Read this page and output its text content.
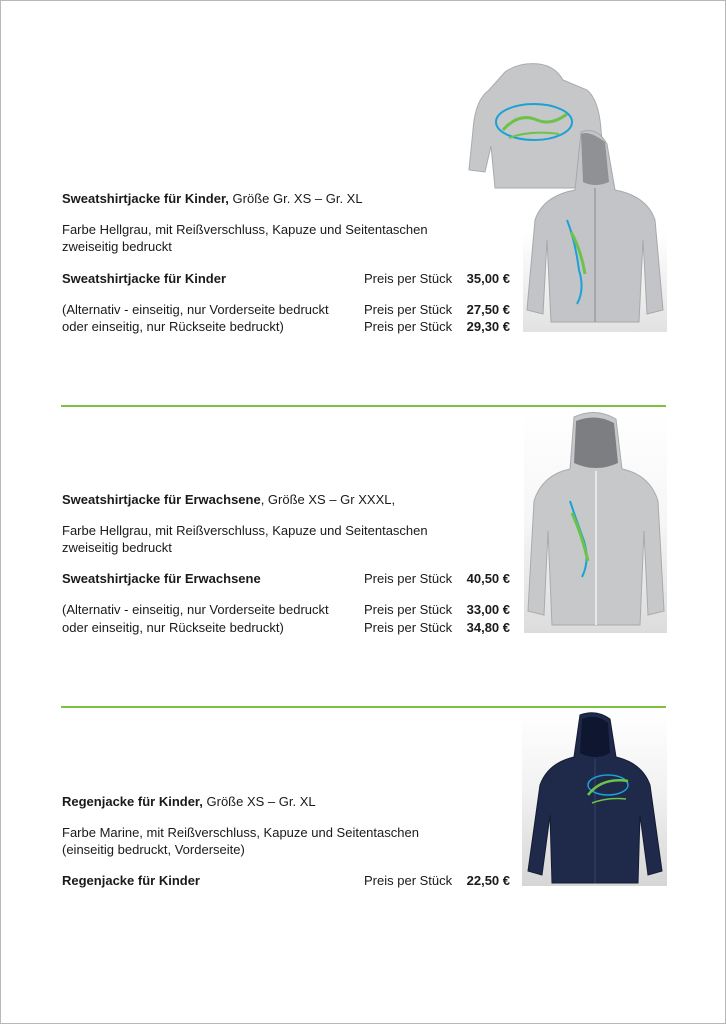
Sweatshirtjacke für Kinder, Größe Gr. XS – Gr. XL
Farbe Hellgrau, mit Reißverschluss, Kapuze und Seitentaschen
zweiseitig bedruckt
Sweatshirtjacke für Kinder	Preis per Stück 35,00 €
(Alternativ - einseitig, nur Vorderseite bedruckt	Preis per Stück 27,50 €
oder einseitig, nur Rückseite bedruckt)	Preis per Stück 29,30 €
Sweatshirtjacke für Erwachsene, Größe XS – Gr XXXL,
Farbe Hellgrau, mit Reißverschluss, Kapuze und Seitentaschen
zweiseitig bedruckt
Sweatshirtjacke für Erwachsene	Preis per Stück 40,50 €
(Alternativ - einseitig, nur Vorderseite bedruckt	Preis per Stück 33,00 €
oder einseitig, nur Rückseite bedruckt)	Preis per Stück 34,80 €
Regenjacke für Kinder, Größe XS – Gr. XL
Farbe Marine, mit Reißverschluss, Kapuze und Seitentaschen
(einseitig bedruckt, Vorderseite)
Regenjacke für Kinder	Preis per Stück 22,50 €
